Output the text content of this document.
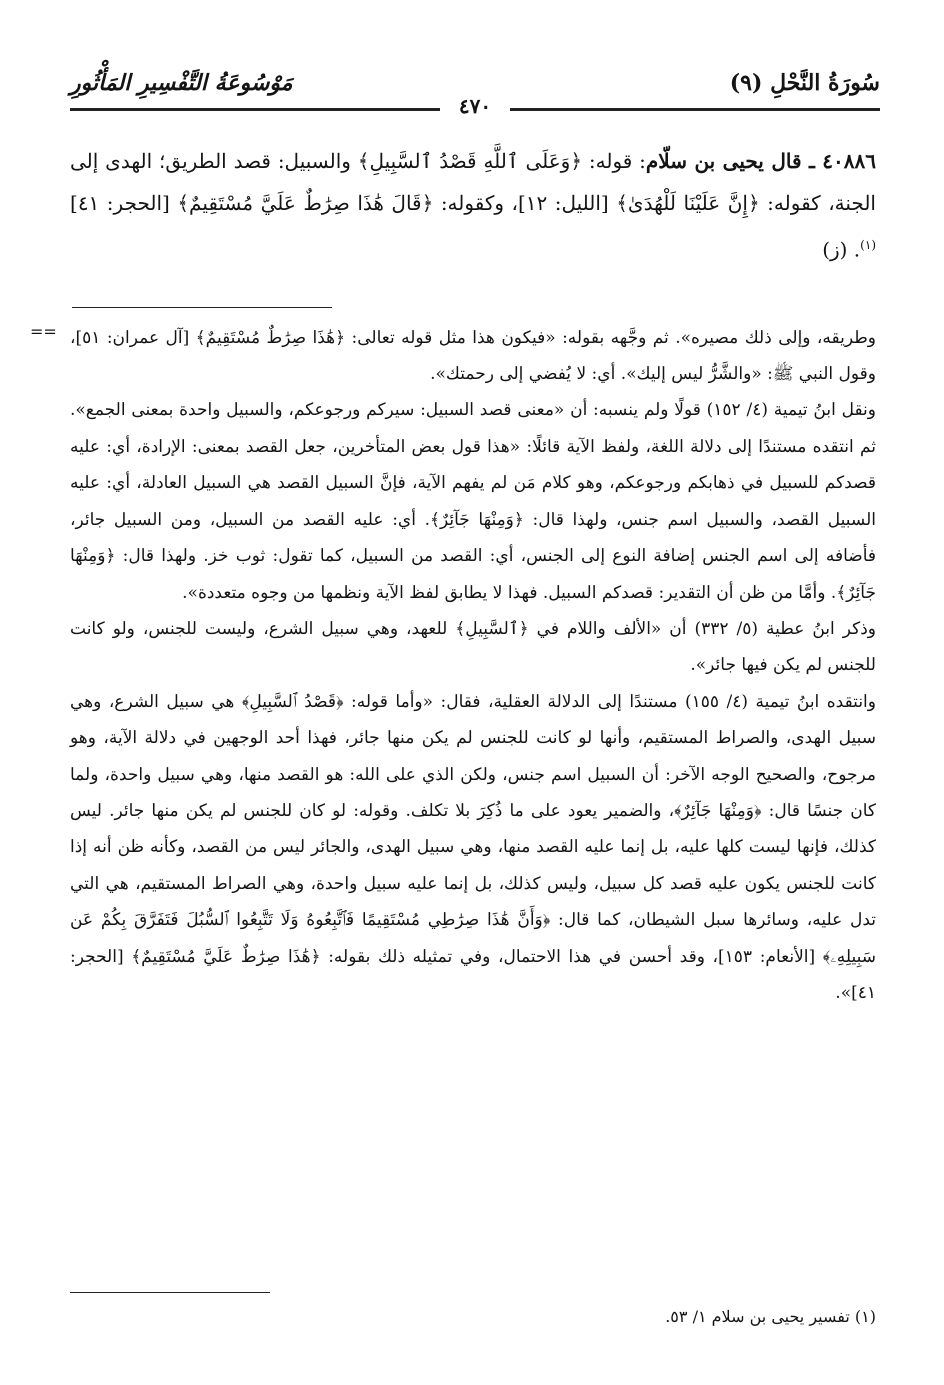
سُورَةُ النَّحْلِ (٩)
مَوْسُوعَةُ التَّفْسِيرِ المَأْثُورِ
٤٧٠

٤٠٨٨٦ ـ قال يحيى بن سلّام: قوله: ﴿وَعَلَى ٱللَّهِ قَصْدُ ٱلسَّبِيلِ﴾ والسبيل: قصد الطريق؛ الهدى إلى الجنة، كقوله: ﴿إِنَّ عَلَيْنَا لَلْهُدَىٰ﴾ [الليل: ١٢]، وكقوله: ﴿قَالَ هَٰذَا صِرَٰطٌ عَلَيَّ مُسْتَقِيمٌ﴾ [الحجر: ٤١]$^{(١)}$. (ز)

== وطريقه، وإلى ذلك مصيره». ثم وجَّهه بقوله: «فيكون هذا مثل قوله تعالى: ﴿هَٰذَا صِرَٰطٌ مُسْتَقِيمٌ﴾ [آل عمران: ٥١]، وقول النبي ﷺ: «والشَّرُّ ليس إليك». أي: لا يُفضي إلى رحمتك».

ونقل ابنُ تيمية (٤/ ١٥٢) قولًا ولم ينسبه: أن «معنى قصد السبيل: سيركم ورجوعكم، والسبيل واحدة بمعنى الجمع». ثم انتقده مستندًا إلى دلالة اللغة، ولفظ الآية قائلًا: «هذا قول بعض المتأخرين، جعل القصد بمعنى: الإرادة، أي: عليه قصدكم للسبيل في ذهابكم ورجوعكم، وهو كلام مَن لم يفهم الآية، فإنَّ السبيل القصد هي السبيل العادلة، أي: عليه السبيل القصد، والسبيل اسم جنس، ولهذا قال: ﴿وَمِنْهَا جَآئِرٌ﴾. أي: عليه القصد من السبيل، ومن السبيل جائر، فأضافه إلى اسم الجنس إضافة النوع إلى الجنس، أي: القصد من السبيل، كما تقول: ثوب خز. ولهذا قال: ﴿وَمِنْهَا جَآئِرٌ﴾. وأمَّا من ظن أن التقدير: قصدكم السبيل. فهذا لا يطابق لفظ الآية ونظمها من وجوه متعددة».

وذكر ابنُ عطية (٥/ ٣٣٢) أن «الألف واللام في ﴿ٱلسَّبِيلِ﴾ للعهد، وهي سبيل الشرع، وليست للجنس، ولو كانت للجنس لم يكن فيها جائر».

وانتقده ابنُ تيمية (٤/ ١٥٥) مستندًا إلى الدلالة العقلية، فقال: «وأما قوله: ﴿قَصْدُ ٱلسَّبِيلِ﴾ هي سبيل الشرع، وهي سبيل الهدى، والصراط المستقيم، وأنها لو كانت للجنس لم يكن منها جائر، فهذا أحد الوجهين في دلالة الآية، وهو مرجوح، والصحيح الوجه الآخر: أن السبيل اسم جنس، ولكن الذي على الله: هو القصد منها، وهي سبيل واحدة، ولما كان جنسًا قال: ﴿وَمِنْهَا جَآئِرٌ﴾، والضمير يعود على ما ذُكِرَ بلا تكلف. وقوله: لو كان للجنس لم يكن منها جائر. ليس كذلك، فإنها ليست كلها عليه، بل إنما عليه القصد منها، وهي سبيل الهدى، والجائر ليس من القصد، وكأنه ظن أنه إذا كانت للجنس يكون عليه قصد كل سبيل، وليس كذلك، بل إنما عليه سبيل واحدة، وهي الصراط المستقيم، هي التي تدل عليه، وسائرها سبل الشيطان، كما قال: ﴿وَأَنَّ هَٰذَا صِرَٰطِي مُسْتَقِيمًا فَٱتَّبِعُوهُ وَلَا تَتَّبِعُوا ٱلسُّبُلَ فَتَفَرَّقَ بِكُمْ عَن سَبِيلِهِۦ﴾ [الأنعام: ١٥٣]، وقد أحسن في هذا الاحتمال، وفي تمثيله ذلك بقوله: ﴿هَٰذَا صِرَٰطٌ عَلَيَّ مُسْتَقِيمٌ﴾ [الحجر: ٤١]».

(١) تفسير يحيى بن سلام ١/ ٥٣.
